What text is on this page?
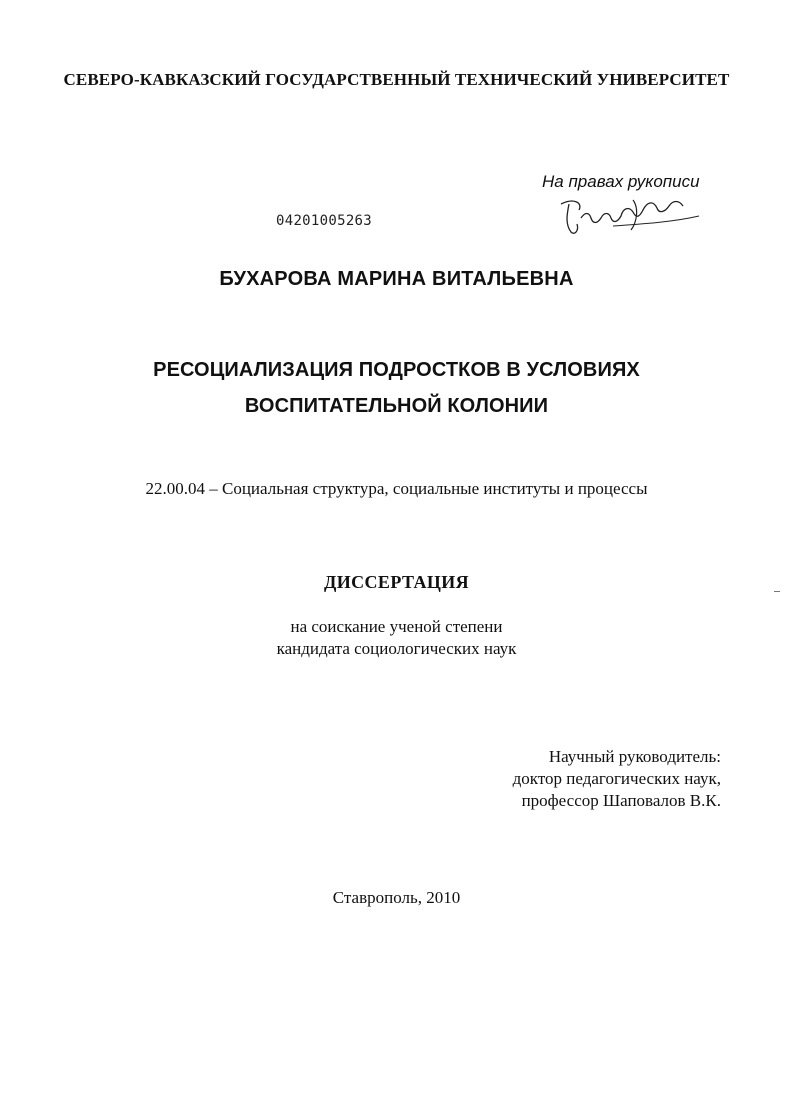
СЕВЕРО-КАВКАЗСКИЙ ГОСУДАРСТВЕННЫЙ ТЕХНИЧЕСКИЙ УНИВЕРСИТЕТ
На правах рукописи
04201005263
БУХАРОВА МАРИНА ВИТАЛЬЕВНА
РЕСОЦИАЛИЗАЦИЯ ПОДРОСТКОВ В УСЛОВИЯХ
ВОСПИТАТЕЛЬНОЙ КОЛОНИИ
22.00.04 – Социальная структура, социальные институты и процессы
ДИССЕРТАЦИЯ
на соискание ученой степени
кандидата социологических наук
Научный руководитель:
доктор педагогических наук,
профессор Шаповалов В.К.
Ставрополь, 2010
